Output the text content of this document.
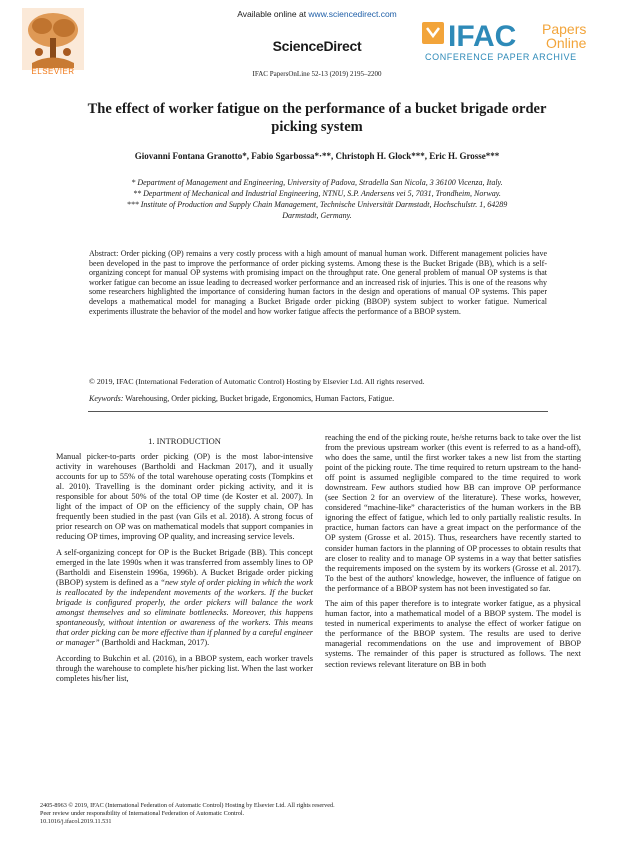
ELSEVIER
Available online at www.sciencedirect.com
ScienceDirect
IFAC PapersOnLine 52-13 (2019) 2195–2200
IFAC Papers
Online
CONFERENCE PAPER ARCHIVE
The effect of worker fatigue on the performance of a bucket brigade order
picking system
Giovanni Fontana Granotto*, Fabio Sgarbossa*·**, Christoph H. Glock***, Eric H. Grosse***
* Department of Management and Engineering, University of Padova, Stradella San Nicola, 3 36100 Vicenza, Italy.
** Department of Mechanical and Industrial Engineering, NTNU, S.P. Andersens vei 5, 7031, Trondheim, Norway.
*** Institute of Production and Supply Chain Management, Technische Universität Darmstadt, Hochschulstr. 1, 64289
Darmstadt, Germany.
Abstract: Order picking (OP) remains a very costly process with a high amount of manual human work. Different management policies have been developed in the past to improve the performance of order picking systems. Among these is the Bucket Brigade (BB), which is a self-organizing concept for manual OP systems with promising impact on the throughput rate. One general problem of manual OP systems is that worker fatigue can become an issue leading to decreased worker performance and an increased risk of injuries. This is one of the reasons why some researchers highlighted the importance of considering human factors in the design and operations of manual OP systems. This paper develops a mathematical model for managing a Bucket Brigade order picking (BBOP) system subject to worker fatigue. Numerical experiments illustrate the behavior of the model and how worker fatigue affects the performance of a BBOP system.
© 2019, IFAC (International Federation of Automatic Control) Hosting by Elsevier Ltd. All rights reserved.
Keywords: Warehousing, Order picking, Bucket brigade, Ergonomics, Human Factors, Fatigue.
1. INTRODUCTION

Manual picker-to-parts order picking (OP) is the most labor-intensive activity in warehouses (Bartholdi and Hackman 2017), and it usually accounts for up to 55% of the total warehouse operating costs (Tompkins et al. 2010). Travelling is the dominant order picking activity, and it is responsible for about 50% of the total OP time (de Koster et al. 2007). In light of the impact of OP on the efficiency of the supply chain, OP has frequently been studied in the past (van Gils et al. 2018). A strong focus of prior research on OP was on mathematical models that support companies in reducing OP times, improving OP quality, and increasing service levels.

A self-organizing concept for OP is the Bucket Brigade (BB). This concept emerged in the late 1990s when it was transferred from assembly lines to OP (Bartholdi and Eisenstein 1996a, 1996b). A Bucket Brigade order picking (BBOP) system is defined as a “new style of order picking in which the work is reallocated by the independent movements of the workers. If the bucket brigade is configured properly, the order pickers will balance the work amongst themselves and so eliminate bottlenecks. Moreover, this happens spontaneously, without intention or awareness of the workers. This means that order picking can be more effective than if planned by a careful engineer or manager” (Bartholdi and Hackman, 2017).

According to Bukchin et al. (2016), in a BBOP system, each worker travels through the warehouse to complete his/her picking list. When the last worker completes his/her list,

reaching the end of the picking route, he/she returns back to take over the list from the previous upstream worker (this event is referred to as a hand-off), who does the same, until the first worker takes a new list from the starting point of the picking route. The time required to return upstream to the hand-off point is assumed negligible compared to the time required to work downstream. Few authors studied how BB can improve OP performance (see Section 2 for an overview of the literature). These works, however, considered “machine-like” characteristics of the human workers in the BB ignoring the effect of fatigue, which led to only partially realistic results. In practice, human factors can have a great impact on the performance of the OP system (Grosse et al. 2015). Thus, researchers have recently started to consider human factors in the planning of OP processes to obtain results that are closer to reality and to manage OP systems in a way that better satisfies the requirements imposed on the system by its workers (Grosse et al. 2017). To the best of the authors' knowledge, however, the influence of fatigue on the performance of a BBOP system has not been investigated so far.

The aim of this paper therefore is to integrate worker fatigue, as a physical human factor, into a mathematical model of a BBOP system. The model is tested in numerical experiments to analyse the effect of worker fatigue on the performance of the BBOP system. The results are used to derive managerial recommendations on the use and improvement of BBOP systems. The remainder of this paper is structured as follows. The next section reviews relevant literature on BB in both

2405-8963 © 2019, IFAC (International Federation of Automatic Control) Hosting by Elsevier Ltd. All rights reserved.
Peer review under responsibility of International Federation of Automatic Control.
10.1016/j.ifacol.2019.11.531
